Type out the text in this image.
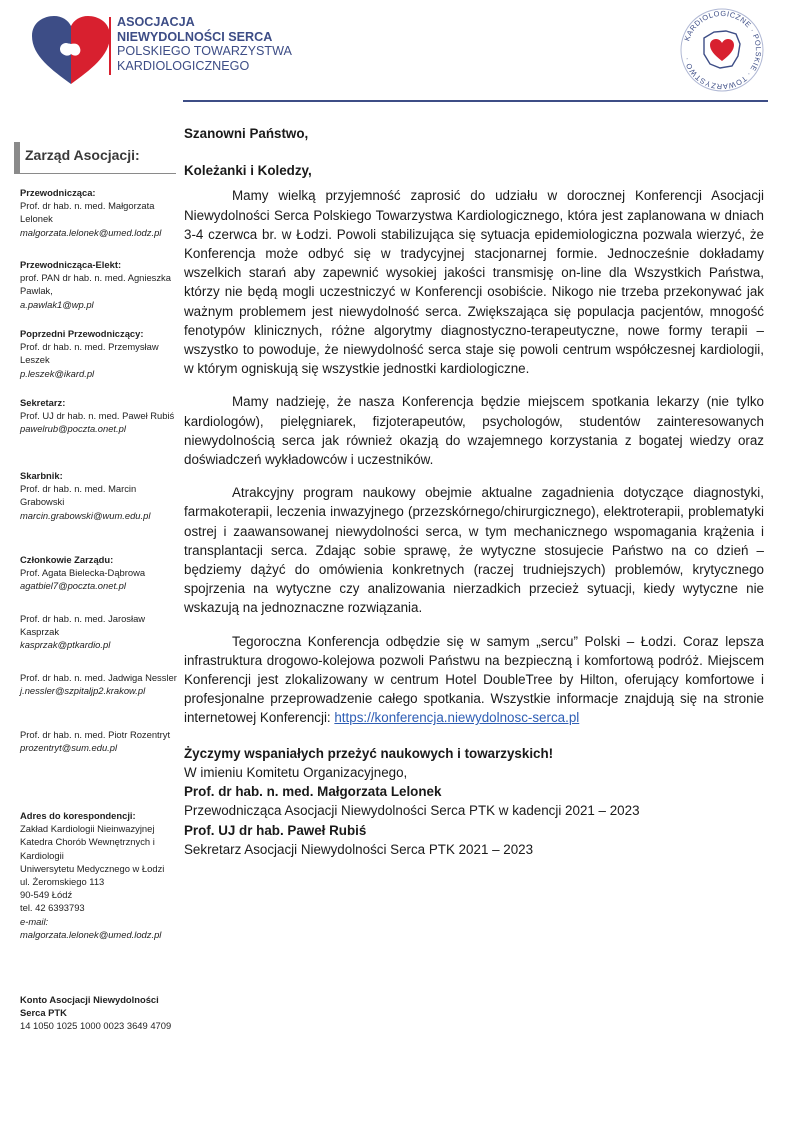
ASOCJACJA
NIEWYDOLNOŚCI SERCA
POLSKIEGO TOWARZYSTWA
KARDIOLOGICZNEGO
KARDIOLOGICZNE · POLSKIE · TOWARZYSTWO ·
Zarząd Asocjacji:
Przewodnicząca:
Prof. dr hab. n. med. Małgorzata Lelonek
malgorzata.lelonek@umed.lodz.pl
Przewodnicząca-Elekt:
prof. PAN dr hab. n. med. Agnieszka Pawlak,
a.pawlak1@wp.pl
Poprzedni Przewodniczący:
Prof. dr hab. n. med. Przemysław Leszek
p.leszek@ikard.pl
Sekretarz:
Prof. UJ dr hab. n. med. Paweł Rubiś
pawelrub@poczta.onet.pl
Skarbnik:
Prof. dr hab. n. med. Marcin Grabowski
marcin.grabowski@wum.edu.pl
Członkowie Zarządu:
Prof. Agata Bielecka-Dąbrowa
agatbiel7@poczta.onet.pl
Prof. dr hab. n. med. Jarosław Kasprzak
kasprzak@ptkardio.pl
Prof. dr hab. n. med. Jadwiga Nessler
j.nessler@szpitaljp2.krakow.pl
Prof. dr hab. n. med. Piotr Rozentryt
prozentryt@sum.edu.pl
Adres do korespondencji:
Zakład Kardiologii Nieinwazyjnej
Katedra Chorób Wewnętrznych i Kardiologii
Uniwersytetu Medycznego w Łodzi
ul. Żeromskiego 113
90-549 Łódź
tel. 42 6393793
e-mail:
malgorzata.lelonek@umed.lodz.pl
Konto Asocjacji Niewydolności Serca PTK
14 1050 1025 1000 0023 3649 4709

Szanowni Państwo,

Koleżanki i Koledzy,

Mamy wielką przyjemność zaprosić do udziału w dorocznej Konferencji Asocjacji Niewydolności Serca Polskiego Towarzystwa Kardiologicznego, która jest zaplanowana w dniach 3-4 czerwca br. w Łodzi. Powoli stabilizująca się sytuacja epidemiologiczna pozwala wierzyć, że Konferencja może odbyć się w tradycyjnej stacjonarnej formie. Jednocześnie dokładamy wszelkich starań aby zapewnić wysokiej jakości transmisję on-line dla Wszystkich Państwa, którzy nie będą mogli uczestniczyć w Konferencji osobiście. Nikogo nie trzeba przekonywać jak ważnym problemem jest niewydolność serca. Zwiększająca się populacja pacjentów, mnogość fenotypów klinicznych, różne algorytmy diagnostyczno-terapeutyczne, nowe formy terapii – wszystko to powoduje, że niewydolność serca staje się powoli centrum współczesnej kardiologii, w którym ogniskują się wszystkie jednostki kardiologiczne.

Mamy nadzieję, że nasza Konferencja będzie miejscem spotkania lekarzy (nie tylko kardiologów), pielęgniarek, fizjoterapeutów, psychologów, studentów zainteresowanych niewydolnością serca jak również okazją do wzajemnego korzystania z bogatej wiedzy oraz doświadczeń wykładowców i uczestników.

Atrakcyjny program naukowy obejmie aktualne zagadnienia dotyczące diagnostyki, farmakoterapii, leczenia inwazyjnego (przezskórnego/chirurgicznego), elektroterapii, problematyki ostrej i zaawansowanej niewydolności serca, w tym mechanicznego wspomagania krążenia i transplantacji serca. Zdając sobie sprawę, że wytyczne stosujecie Państwo na co dzień – będziemy dążyć do omówienia konkretnych (raczej trudniejszych) problemów, krytycznego spojrzenia na wytyczne czy analizowania nierzadkich przecież sytuacji, kiedy wytyczne nie wskazują na jednoznaczne rozwiązania.

Tegoroczna Konferencja odbędzie się w samym „sercu” Polski – Łodzi. Coraz lepsza infrastruktura drogowo-kolejowa pozwoli Państwu na bezpieczną i komfortową podróż. Miejscem Konferencji jest zlokalizowany w centrum Hotel DoubleTree by Hilton, oferujący komfortowe i profesjonalne przeprowadzenie całego spotkania. Wszystkie informacje znajdują się na stronie internetowej Konferencji: https://konferencja.niewydolnosc-serca.pl

Życzymy wspaniałych przeżyć naukowych i towarzyskich!
W imieniu Komitetu Organizacyjnego,
Prof. dr hab. n. med. Małgorzata Lelonek
Przewodnicząca Asocjacji Niewydolności Serca PTK w kadencji 2021 – 2023
Prof. UJ dr hab. Paweł Rubiś
Sekretarz Asocjacji Niewydolności Serca PTK 2021 – 2023
